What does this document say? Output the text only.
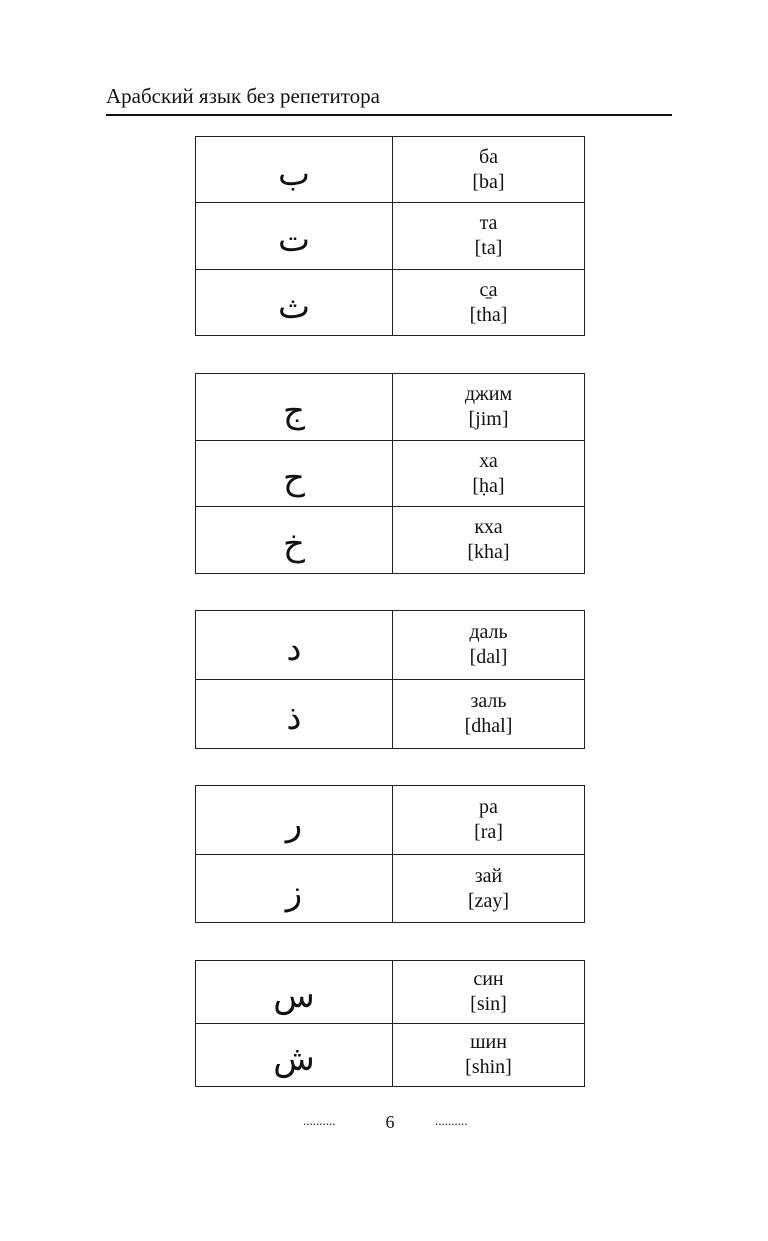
Арабский язык без репетитора
ب	ба
[ba]

ت	та
[ta]

ث	с̱а
[tha]
ج	джим
[jim]

ح	ха
[ḥa]

خ	кха
[kha]
د	даль
[dal]

ذ	заль
[dhal]
ر	ра
[ra]

ز	зай
[zay]
س	син
[sin]

ش	шин
[shin]
..........	6	..........
